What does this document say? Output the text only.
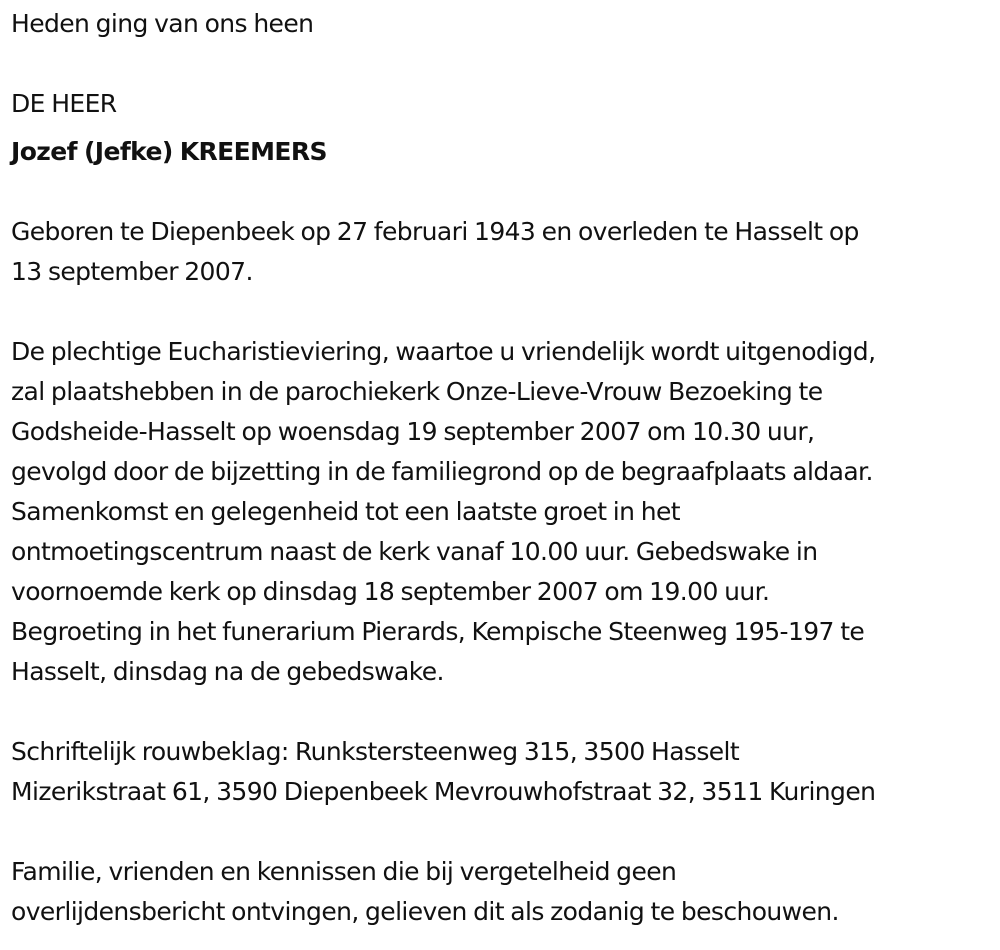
Heden ging van ons heen
DE HEER
Jozef (Jefke) KREEMERS
Geboren te Diepenbeek op 27 februari 1943 en overleden te Hasselt op
13 september 2007.
De plechtige Eucharistieviering, waartoe u vriendelijk wordt uitgenodigd,
zal plaatshebben in de parochiekerk Onze-Lieve-Vrouw Bezoeking te
Godsheide-Hasselt op woensdag 19 september 2007 om 10.30 uur,
gevolgd door de bijzetting in de familiegrond op de begraafplaats aldaar.
Samenkomst en gelegenheid tot een laatste groet in het
ontmoetingscentrum naast de kerk vanaf 10.00 uur. Gebedswake in
voornoemde kerk op dinsdag 18 september 2007 om 19.00 uur.
Begroeting in het funerarium Pierards, Kempische Steenweg 195-197 te
Hasselt, dinsdag na de gebedswake.
Schriftelijk rouwbeklag: Runkstersteenweg 315, 3500 Hasselt
Mizerikstraat 61, 3590 Diepenbeek Mevrouwhofstraat 32, 3511 Kuringen
Familie, vrienden en kennissen die bij vergetelheid geen
overlijdensbericht ontvingen, gelieven dit als zodanig te beschouwen.
